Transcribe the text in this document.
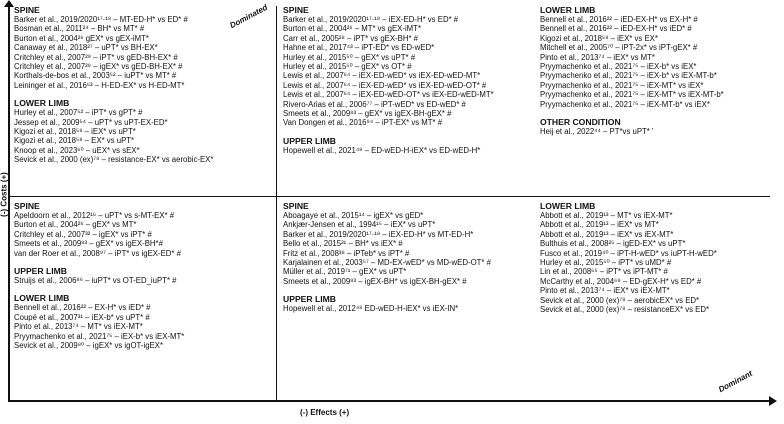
(-) Costs (+)
(-) Effects (+)
Dominated
Dominant
SPINE
Barker et al., 2019/2020¹⁷·¹⁸ – MT-ED-H* vs ED* #
Bosman et al., 2011²⁴ – BH* vs MT* #
Burton et al., 2004²⁶ gEX* vs gEX-iMT*
Canaway et al., 2018²⁷ – uPT* vs BH-EX*
Critchley et al., 2007²⁹ – iPT* vs gED-BH-EX* #
Critchley et al., 2007²⁹ – igEX* vs gED-BH-EX* #
Korthals-de-bos et al., 2003⁵² – iuPT* vs MT* #
Leininger et al., 2016⁶³ – H-ED-EX* vs H-ED-MT*
LOWER LIMB
Hurley et al., 2007⁵² – iPT* vs gPT* #
Jessep et al., 2009⁵⁴ – uPT* vs uPT-EX-ED*
Kigozi et al., 2018⁵⁸ – iEX* vs uPT*
Kigozi et al., 2018⁵⁸ – EX* vs uPT*
Knoop et al., 2023⁶⁰ – uEX* vs sEX*
Sevick et al., 2000 (ex)⁷⁸ – resistance-EX* vs aerobic-EX*
SPINE
Barker et al., 2019/2020¹⁷·¹⁸ – iEX-ED-H* vs ED* #
Burton et al., 2004²⁶ – MT* vs gEX-iMT*
Carr et al., 2005²⁸ – iPT* vs gEX-BH* #
Hahne et al., 2017⁴³ – iPT-ED* vs ED-wED*
Hurley et al., 2015⁵⁰ – gEX* vs uPT* #
Hurley et al., 2015⁵⁰ – gEX* vs OT* #
Lewis et al., 2007⁶⁴ – iEX-ED-wED* vs iEX-ED-wED-MT*
Lewis et al., 2007⁶⁴ – iEX-ED-wED* vs iEX-ED-wED-OT* #
Lewis et al., 2007⁶⁴ – iEX-ED-wED-OT* vs iEX-ED-wED-MT*
Rivero-Arias et al., 2006⁷⁷ – iPT-wED* vs ED-wED* #
Smeets et al., 2009⁸³ – gEX* vs igEX-BH-gEX* #
Van Dongen et al., 2016⁹⁴ – iPT-EX* vs MT* #
UPPER LIMB
Hopewell et al., 2021⁴⁸ – ED-wED-H-iEX* vs ED-wED-H*
LOWER LIMB
Bennell et al., 2016²² – iED-EX-H* vs EX-H* #
Bennell et al., 2016²² – iED-EX-H* vs iED* #
Kigozi et al., 2018⁵⁸ – iEX* vs EX*
Mitchell et al., 2005⁷⁰ – iPT-2x* vs iPT-gEX* #
Pinto et al., 2013⁷⁴ – iEX* vs MT*
Pryymachenko et al., 2021⁷⁵ – iEX-b* vs iEX*
Pryymachenko et al., 2021⁷⁵ – iEX-b* vs iEX-MT-b*
Pryymachenko et al., 2021⁷⁵ – iEX-MT* vs iEX*
Pryymachenko et al., 2021⁷⁵ – iEX-MT* vs iEX-MT-b*
Pryymachenko et al., 2021⁷⁵ – iEX-MT-b* vs iEX*
OTHER CONDITION
Heij et al., 2022⁴⁴ – PT*vs uPT* '
SPINE
Apeldoorn et al., 2012¹⁶ – uPT* vs s-MT-EX* #
Burton et al., 2004²⁶ – gEX* vs MT*
Critchley et al., 2007³² – igEX* vs iPT* #
Smeets et al., 2009⁸³ – gEX* vs igEX-BH*#
van der Roer et al., 2008⁹⁷ – iPT* vs igEX-ED* #
UPPER LIMB
Struijs et al., 2006⁸⁶ – iuPT* vs OT-ED_iuPT* #
LOWER LIMB
Bennell et al., 2016²² – EX-H* vs iED* #
Coupé et al., 2007³¹ – iEX-b* vs uPT* #
Pinto et al., 2013⁷⁴ – MT* vs iEX-MT*
Pryymachenko et al., 2021⁷⁵ – iEX-b* vs iEX-MT*
Sevick et al., 2009⁸⁰ – igEX* vs igOT-igEX*
SPINE
Aboagaye et al., 2015¹⁴ – igEX* vs gED*
Ankjær-Jensen et al., 1994¹⁵ – iEX* vs uPT*
Barker et al., 2019/2020¹⁷·¹⁸ – iEX-ED-H* vs MT-ED-H*
Bello et al., 2015²¹ – BH* vs iEX* #
Fritz et al., 2008³⁸ – iPTeb* vs iPT* #
Karjalainen et al., 2003⁵⁷ – MD-EX-wED* vs MD-wED-OT* #
Müller et al., 2019⁷¹ – gEX* vs uPT*
Smeets et al., 2009⁸³ – igEX-BH* vs igEX-BH-gEX* #
UPPER LIMB
Hopewell et al., 2012⁴⁸ ED-wED-H-iEX* vs iEX-IN*
LOWER LIMB
Abbott et al., 2019¹³ – MT* vs iEX-MT*
Abbott et al., 2019¹³ – iEX* vs MT*
Abbott et al., 2019¹³ – iEX* vs iEX-MT*
Bulthuis et al., 2008²⁵ – igED-EX* vs uPT*
Fusco et al., 2019⁴⁰ – iPT-H-wED* vs iuPT-H-wED*
Hurley et al., 2015⁵⁰ – iPT* vs uMD* #
Lin et al., 2008⁶⁵ – iPT* vs iPT-MT* #
McCarthy et al., 2004⁶⁹ – ED-gEX-H* vs ED* #
Pinto et al., 2013⁷⁴ – iEX* vs iEX-MT*
Sevick et al., 2000 (ex)⁷⁸ – aerobicEX* vs ED*
Sevick et al., 2000 (ex)⁷⁸ – resistanceEX* vs ED*
